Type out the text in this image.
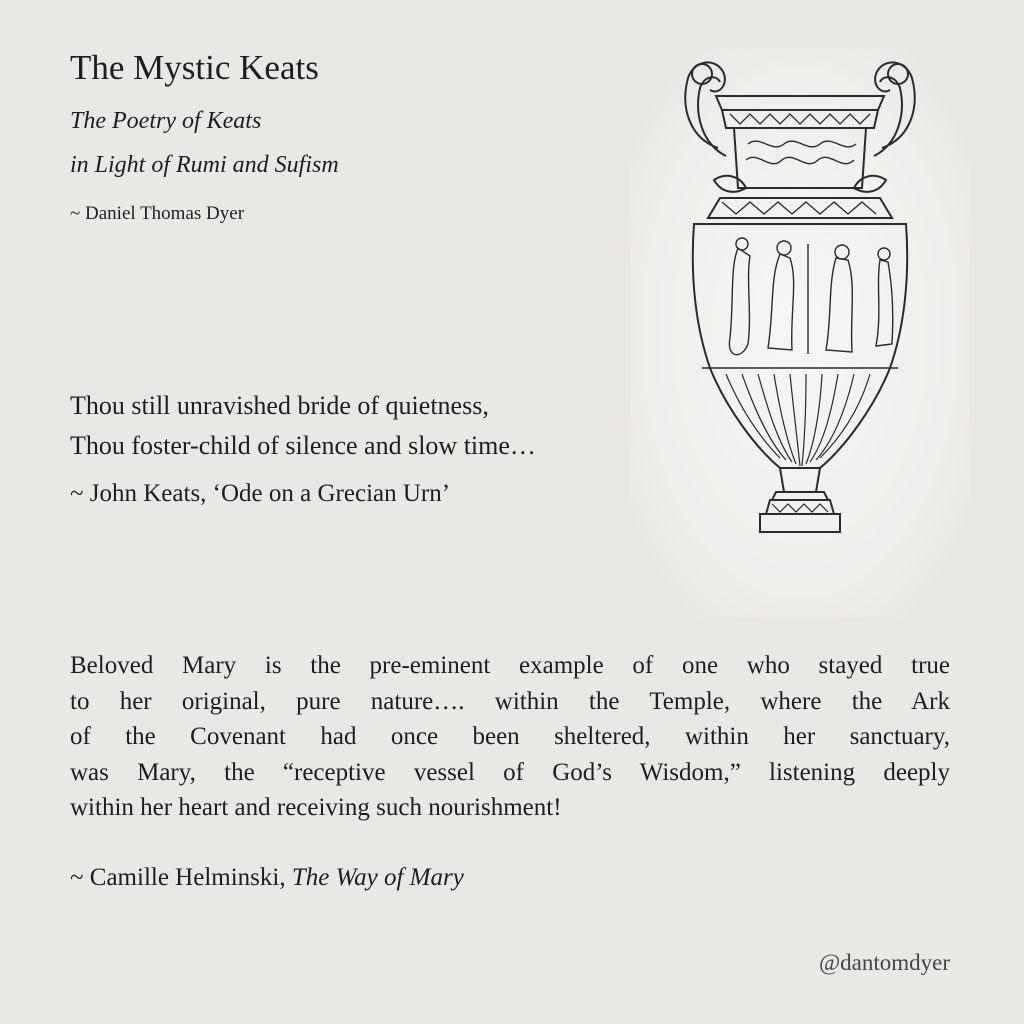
The Mystic Keats
The Poetry of Keats
in Light of Rumi and Sufism
~ Daniel Thomas Dyer
Thou still unravished bride of quietness,
Thou foster-child of silence and slow time…
~ John Keats, ‘Ode on a Grecian Urn’
Beloved Mary is the pre-eminent example of one who stayed true
to her original, pure nature…. within the Temple, where the Ark
of the Covenant had once been sheltered, within her sanctuary,
was Mary, the “receptive vessel of God’s Wisdom,” listening deeply
within her heart and receiving such nourishment!
~ Camille Helminski, The Way of Mary
@dantomdyer
